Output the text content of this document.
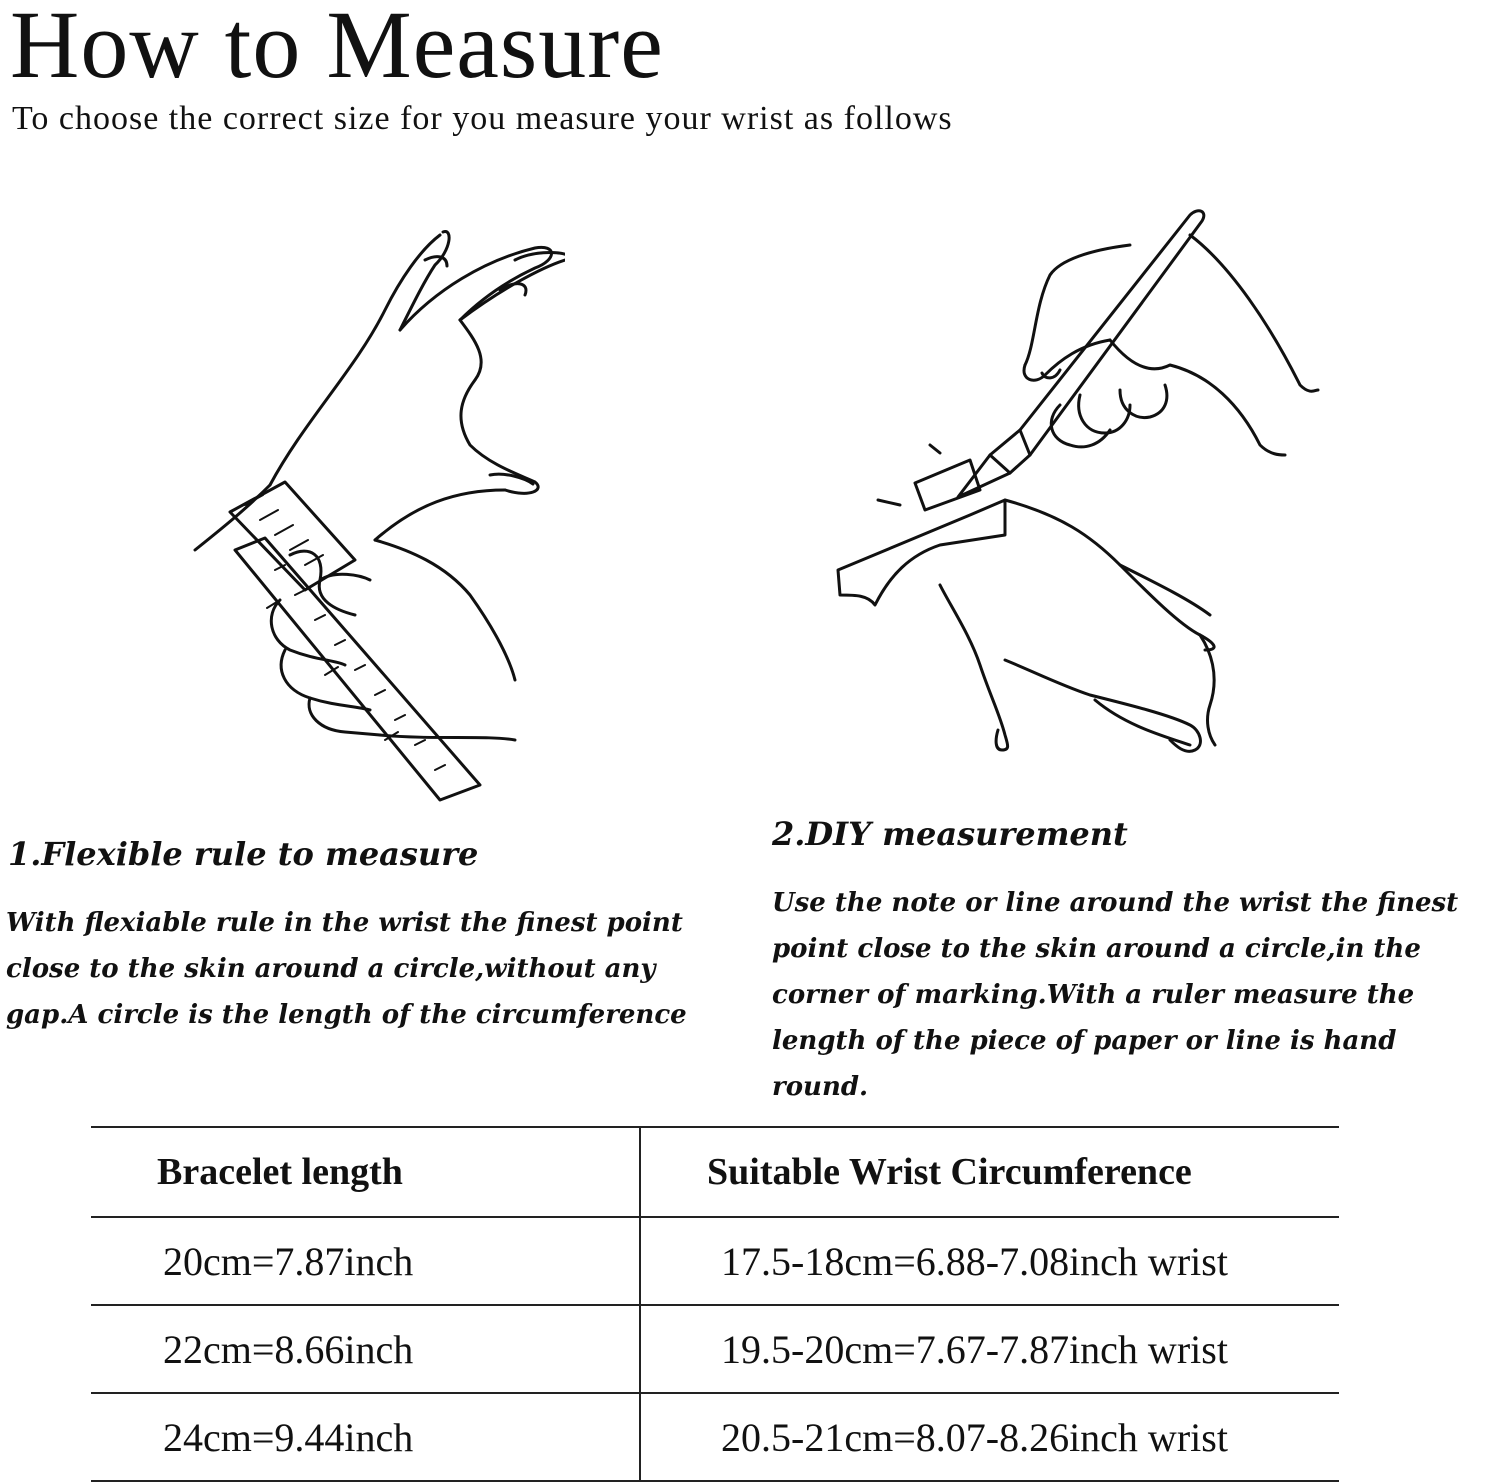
How to Measure
To choose the correct size for you measure your wrist as follows
1.Flexible rule to measure
With flexiable rule in the wrist the finest point
close to the skin around a circle,without any
gap.A circle is the length of the circumference
2.DIY measurement
Use the note or line around the wrist the finest
point close to the skin around a circle,in the
corner of marking.With a ruler measure the
length of the piece of paper or line is hand round.
Bracelet length	Suitable Wrist Circumference
20cm=7.87inch	17.5-18cm=6.88-7.08inch wrist
22cm=8.66inch	19.5-20cm=7.67-7.87inch wrist
24cm=9.44inch	20.5-21cm=8.07-8.26inch wrist
